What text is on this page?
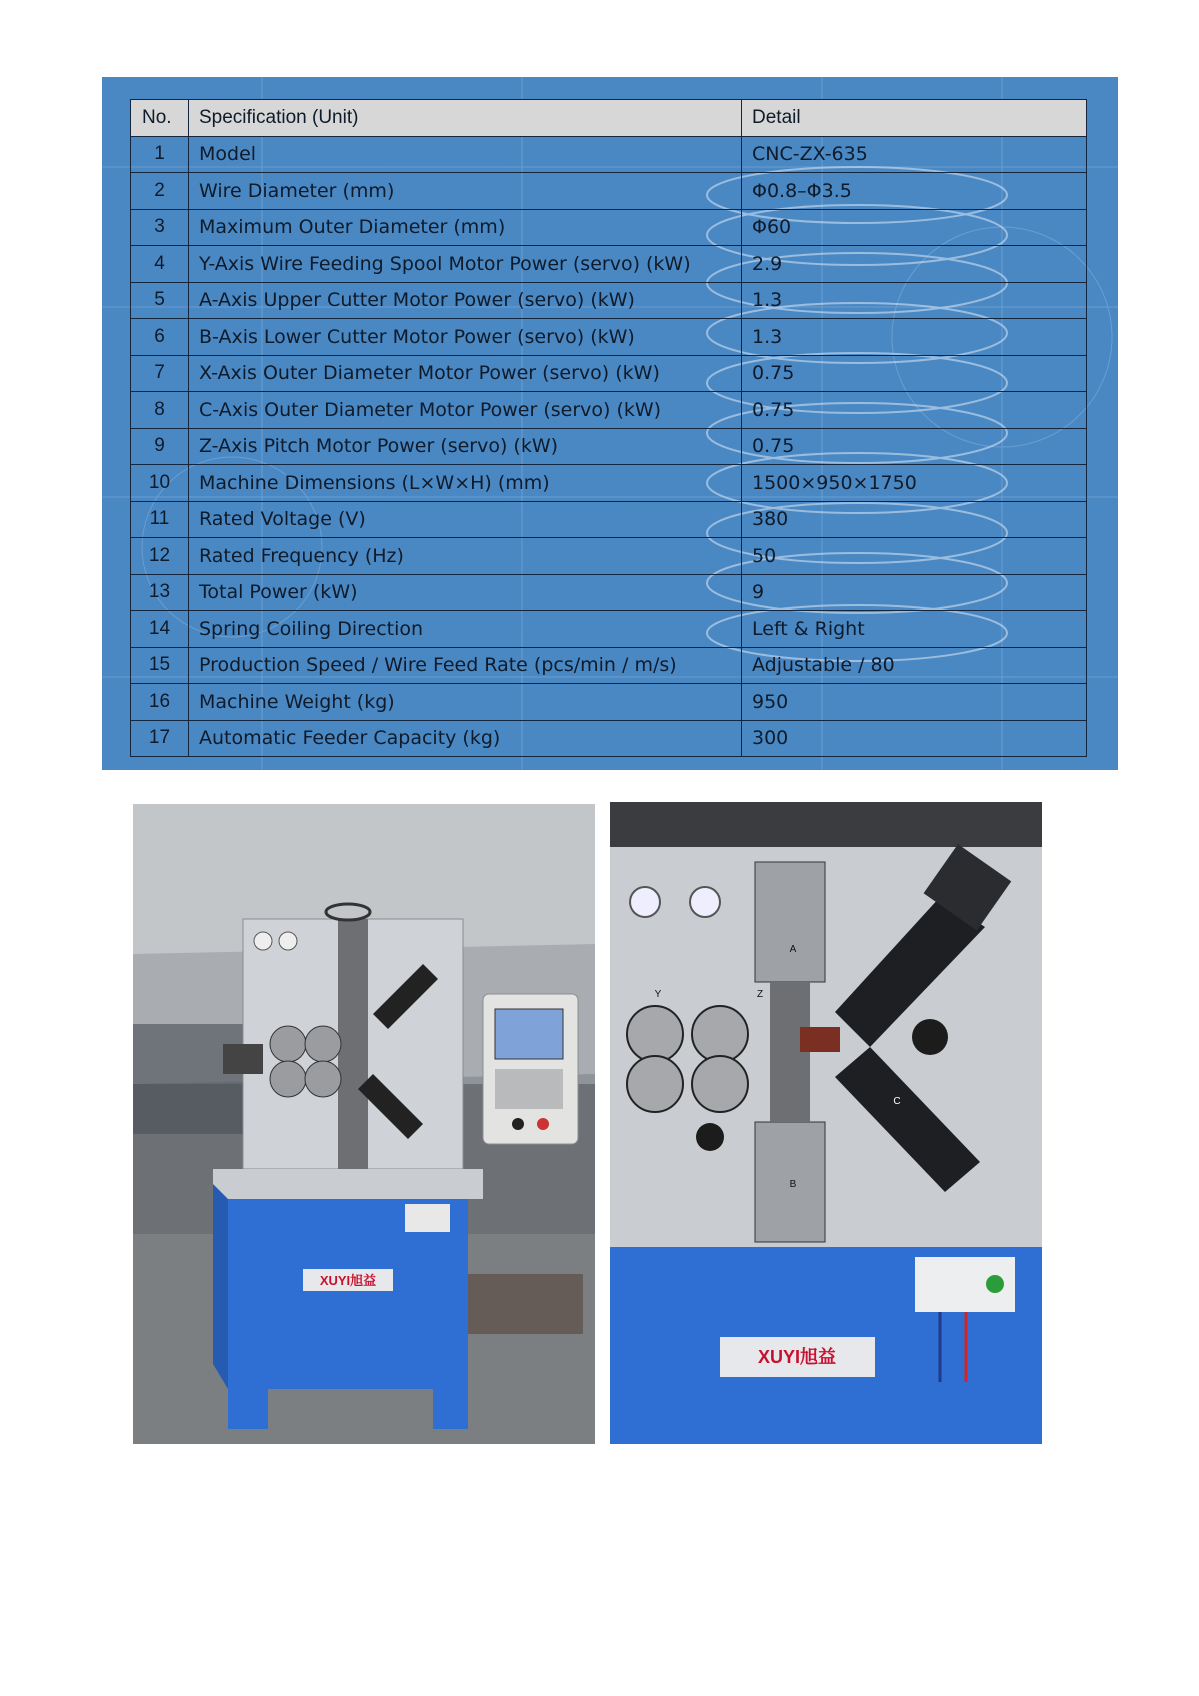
No.	Specification (Unit)	Detail
1	Model	CNC-ZX-635
2	Wire Diameter (mm)	Φ0.8–Φ3.5
3	Maximum Outer Diameter (mm)	Φ60
4	Y-Axis Wire Feeding Spool Motor Power (servo) (kW)	2.9
5	A-Axis Upper Cutter Motor Power (servo) (kW)	1.3
6	B-Axis Lower Cutter Motor Power (servo) (kW)	1.3
7	X-Axis Outer Diameter Motor Power (servo) (kW)	0.75
8	C-Axis Outer Diameter Motor Power (servo) (kW)	0.75
9	Z-Axis Pitch Motor Power (servo) (kW)	0.75
10	Machine Dimensions (L×W×H) (mm)	1500×950×1750
11	Rated Voltage (V)	380
12	Rated Frequency (Hz)	50
13	Total Power (kW)	9
14	Spring Coiling Direction	Left & Right
15	Production Speed / Wire Feed Rate (pcs/min / m/s)	Adjustable / 80
16	Machine Weight (kg)	950
17	Automatic Feeder Capacity (kg)	300
XUYI旭益
A
B
Y	Z
C
XUYI旭益
